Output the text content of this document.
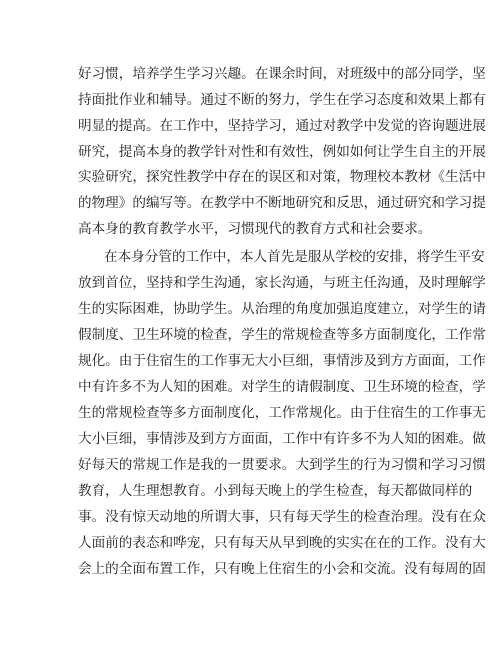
好习惯，培养学生学习兴趣。在课余时间，对班级中的部分同学，坚
持面批作业和辅导。通过不断的努力，学生在学习态度和效果上都有
明显的提高。在工作中，坚持学习，通过对教学中发觉的咨询题进展
研究，提高本身的教学针对性和有效性，例如如何让学生自主的开展
实验研究，探究性教学中存在的误区和对策，物理校本教材《生活中
的物理》的编写等。在教学中不断地研究和反思，通过研究和学习提
高本身的教育教学水平，习惯现代的教育方式和社会要求。
在本身分管的工作中，本人首先是服从学校的安排，将学生平安
放到首位，坚持和学生沟通，家长沟通，与班主任沟通，及时理解学
生的实际困难，协助学生。从治理的角度加强追度建立，对学生的请
假制度、卫生环境的检查，学生的常规检查等多方面制度化，工作常
规化。由于住宿生的工作事无大小巨细，事情涉及到方方面面，工作
中有许多不为人知的困难。对学生的请假制度、卫生环境的检查，学
生的常规检查等多方面制度化，工作常规化。由于住宿生的工作事无
大小巨细，事情涉及到方方面面，工作中有许多不为人知的困难。做
好每天的常规工作是我的一贯要求。大到学生的行为习惯和学习习惯
教育，人生理想教育。小到每天晚上的学生检查，每天都做同样的
事。没有惊天动地的所谓大事，只有每天学生的检查治理。没有在众
人面前的表态和哗宠，只有每天从早到晚的实实在在的工作。没有大
会上的全面布置工作，只有晚上住宿生的小会和交流。没有每周的固
